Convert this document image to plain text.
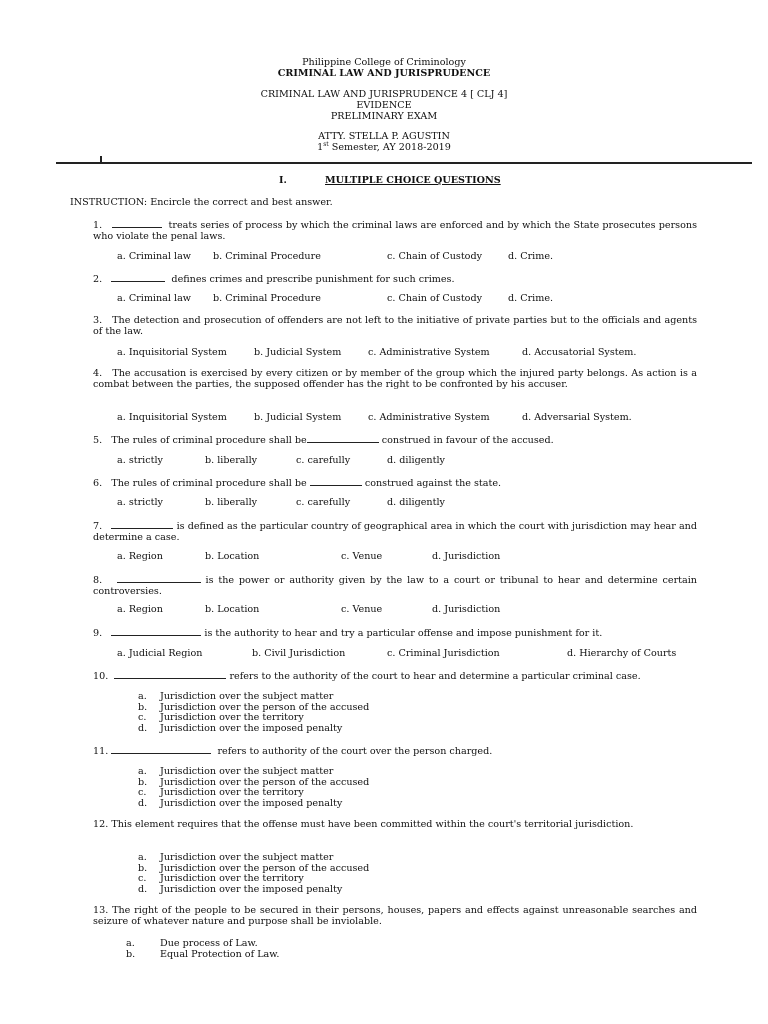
Philippine College of Criminology
CRIMINAL LAW AND JURISPRUDENCE
CRIMINAL LAW AND JURISPRUDENCE 4 [ CLJ 4]
EVIDENCE
PRELIMINARY EXAM
ATTY. STELLA P. AGUSTIN
1st Semester, AY 2018-2019
I.	MULTIPLE CHOICE QUESTIONS
INSTRUCTION: Encircle the correct and best answer.
1.	treats series of process by which the criminal laws are enforced and by which the State prosecutes persons who violate the penal laws.
a. Criminal law b. Criminal Procedure	c. Chain of Custody	d. Crime.
2.	defines crimes and prescribe punishment for such crimes.
a. Criminal law b. Criminal Procedure	c. Chain of Custody	d. Crime.
3. The detection and prosecution of offenders are not left to the initiative of private parties but to the officials and agents of the law.
a. Inquisitorial System	b. Judicial System	c. Administrative System	d. Accusatorial System.
4. The accusation is exercised by every citizen or by member of the group which the injured party belongs. As action is a combat between the parties, the supposed offender has the right to be confronted by his accuser.
a. Inquisitorial System	b. Judicial System	c. Administrative System	d. Adversarial System.
5. The rules of criminal procedure shall be	construed in favour of the accused.
a. strictly	b. liberally	c. carefully	d. diligently
6. The rules of criminal procedure shall be	construed against the state.
a. strictly	b. liberally	c. carefully	d. diligently
7.	is defined as the particular country of geographical area in which the court with jurisdiction may hear and determine a case.
a. Region	b. Location	c. Venue	d. Jurisdiction
8.	is the power or authority given by the law to a court or tribunal to hear and determine certain controversies.
a. Region	b. Location	c. Venue	d. Jurisdiction
9.	is the authority to hear and try a particular offense and impose punishment for it.
a. Judicial Region	b. Civil Jurisdiction	c. Criminal Jurisdiction	d. Hierarchy of Courts
10.	refers to the authority of the court to hear and determine a particular criminal case.
a. Jurisdiction over the subject matter
b. Jurisdiction over the person of the accused
c. Jurisdiction over the territory
d. Jurisdiction over the imposed penalty
11.	refers to authority of the court over the person charged.
a. Jurisdiction over the subject matter
b. Jurisdiction over the person of the accused
c. Jurisdiction over the territory
d. Jurisdiction over the imposed penalty
12. This element requires that the offense must have been committed within the court's territorial jurisdiction.
a. Jurisdiction over the subject matter
b. Jurisdiction over the person of the accused
c. Jurisdiction over the territory
d. Jurisdiction over the imposed penalty
13. The right of the people to be secured in their persons, houses, papers and effects against unreasonable searches and seizure of whatever nature and purpose shall be inviolable.
a.	Due process of Law.
b.	Equal Protection of Law.
